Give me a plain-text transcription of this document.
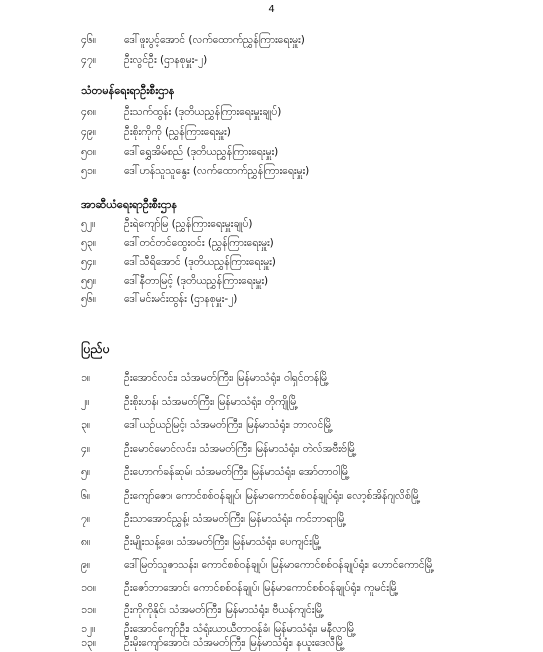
4
၄၆။	ဒေါ်ဖူးပွင့်အောင် (လက်ထောက်ညွှန်ကြားရေးမှူး)
၄၇။	ဦးလွင်ဦး (ဌာနစုမှူး-၂)
သံတမန်ရေးရာဦးစီးဌာန
၄၈။	ဦးသက်ထွန်း (ဒုတိယညွှန်ကြားရေးမှူးချုပ်)
၄၉။	ဦးစိုးကိုကို (ညွှန်ကြားရေးမှူး)
၅၀။	ဒေါ်ရွှေအိမ်စည် (ဒုတိယညွှန်ကြားရေးမှူး)
၅၁။	ဒေါ်ဟန်သူသူနွေး (လက်ထောက်ညွှန်ကြားရေးမှူး)
အာဆီယံရေးရာဦးစီးဌာန
၅၂။	ဦးရဲကျော်မြ (ညွှန်ကြားရေးမှူးချုပ်)
၅၃။	ဒေါ်တင်တင်ထွေးဝင်း (ညွှန်ကြားရေးမှူး)
၅၄။	ဒေါ်သီရိအောင် (ဒုတိယညွှန်ကြားရေးမှူး)
၅၅။	ဒေါ်နီတာမြင့် (ဒုတိယညွှန်ကြားရေးမှူး)
၅၆။	ဒေါ်မင်းမင်းထွန်း (ဌာနစုမှူး-၂)
ပြည်ပ
၁။	ဦးအောင်လင်း၊ သံအမတ်ကြီး၊ မြန်မာသံရုံး၊ ဝါရှင်တန်မြို့
၂။	ဦးစိုးဟန်၊ သံအမတ်ကြီး၊ မြန်မာသံရုံး၊ တိုကျိုမြို့
၃။	ဒေါ်ယဉ်ယဉ်မြင့်၊ သံအမတ်ကြီး၊ မြန်မာသံရုံး၊ ဘာလင်မြို့
၄။	ဦးမောင်မောင်လင်း၊ သံအမတ်ကြီး၊ မြန်မာသံရုံး၊ တဲလ်အဗီးဗ်မြို့
၅။	ဦးဟောက်ခန်ဆုမ်၊ သံအမတ်ကြီး၊ မြန်မာသံရုံး၊ အော်တာဝါမြို့
၆။	ဦးကျော်ဇော၊ ကောင်စစ်ဝန်ချုပ်၊ မြန်မာကောင်စစ်ဝန်ချုပ်ရုံး၊ လော့စ်အိန်ဂျလိစ်မြို့
၇။	ဦးသာအောင်ညွှန့်၊ သံအမတ်ကြီး၊ မြန်မာသံရုံး၊ ကင်ဘာရာမြို့
၈။	ဦးမျိုးသန့်ဖေ၊ သံအမတ်ကြီး၊ မြန်မာသံရုံး၊ ပေကျင်းမြို့
၉။	ဒေါ်မြတ်သူဇာသန်း၊ ကောင်စစ်ဝန်ချုပ်၊ မြန်မာကောင်စစ်ဝန်ချုပ်ရုံး၊ ဟောင်ကောင်မြို့
၁၀။	ဦးဇော်ဘာအောင်၊ ကောင်စစ်ဝန်ချုပ်၊ မြန်မာကောင်စစ်ဝန်ချုပ်ရုံး၊ ကူမင်းမြို့
၁၁။	ဦးကိုကိုနိုင်၊ သံအမတ်ကြီး၊ မြန်မာသံရုံး၊ ဗီယန်ကျင်းမြို့
၁၂။	ဦးအောင်ကျော်ဦး၊ သံရုံးယာယီတာဝန်ခံ၊ မြန်မာသံရုံး၊ မနီလာမြို့
၁၃။	ဦးမိုးကျော်အောင်၊ သံအမတ်ကြီး၊ မြန်မာသံရုံး၊ နယူးဒေလီမြို့
